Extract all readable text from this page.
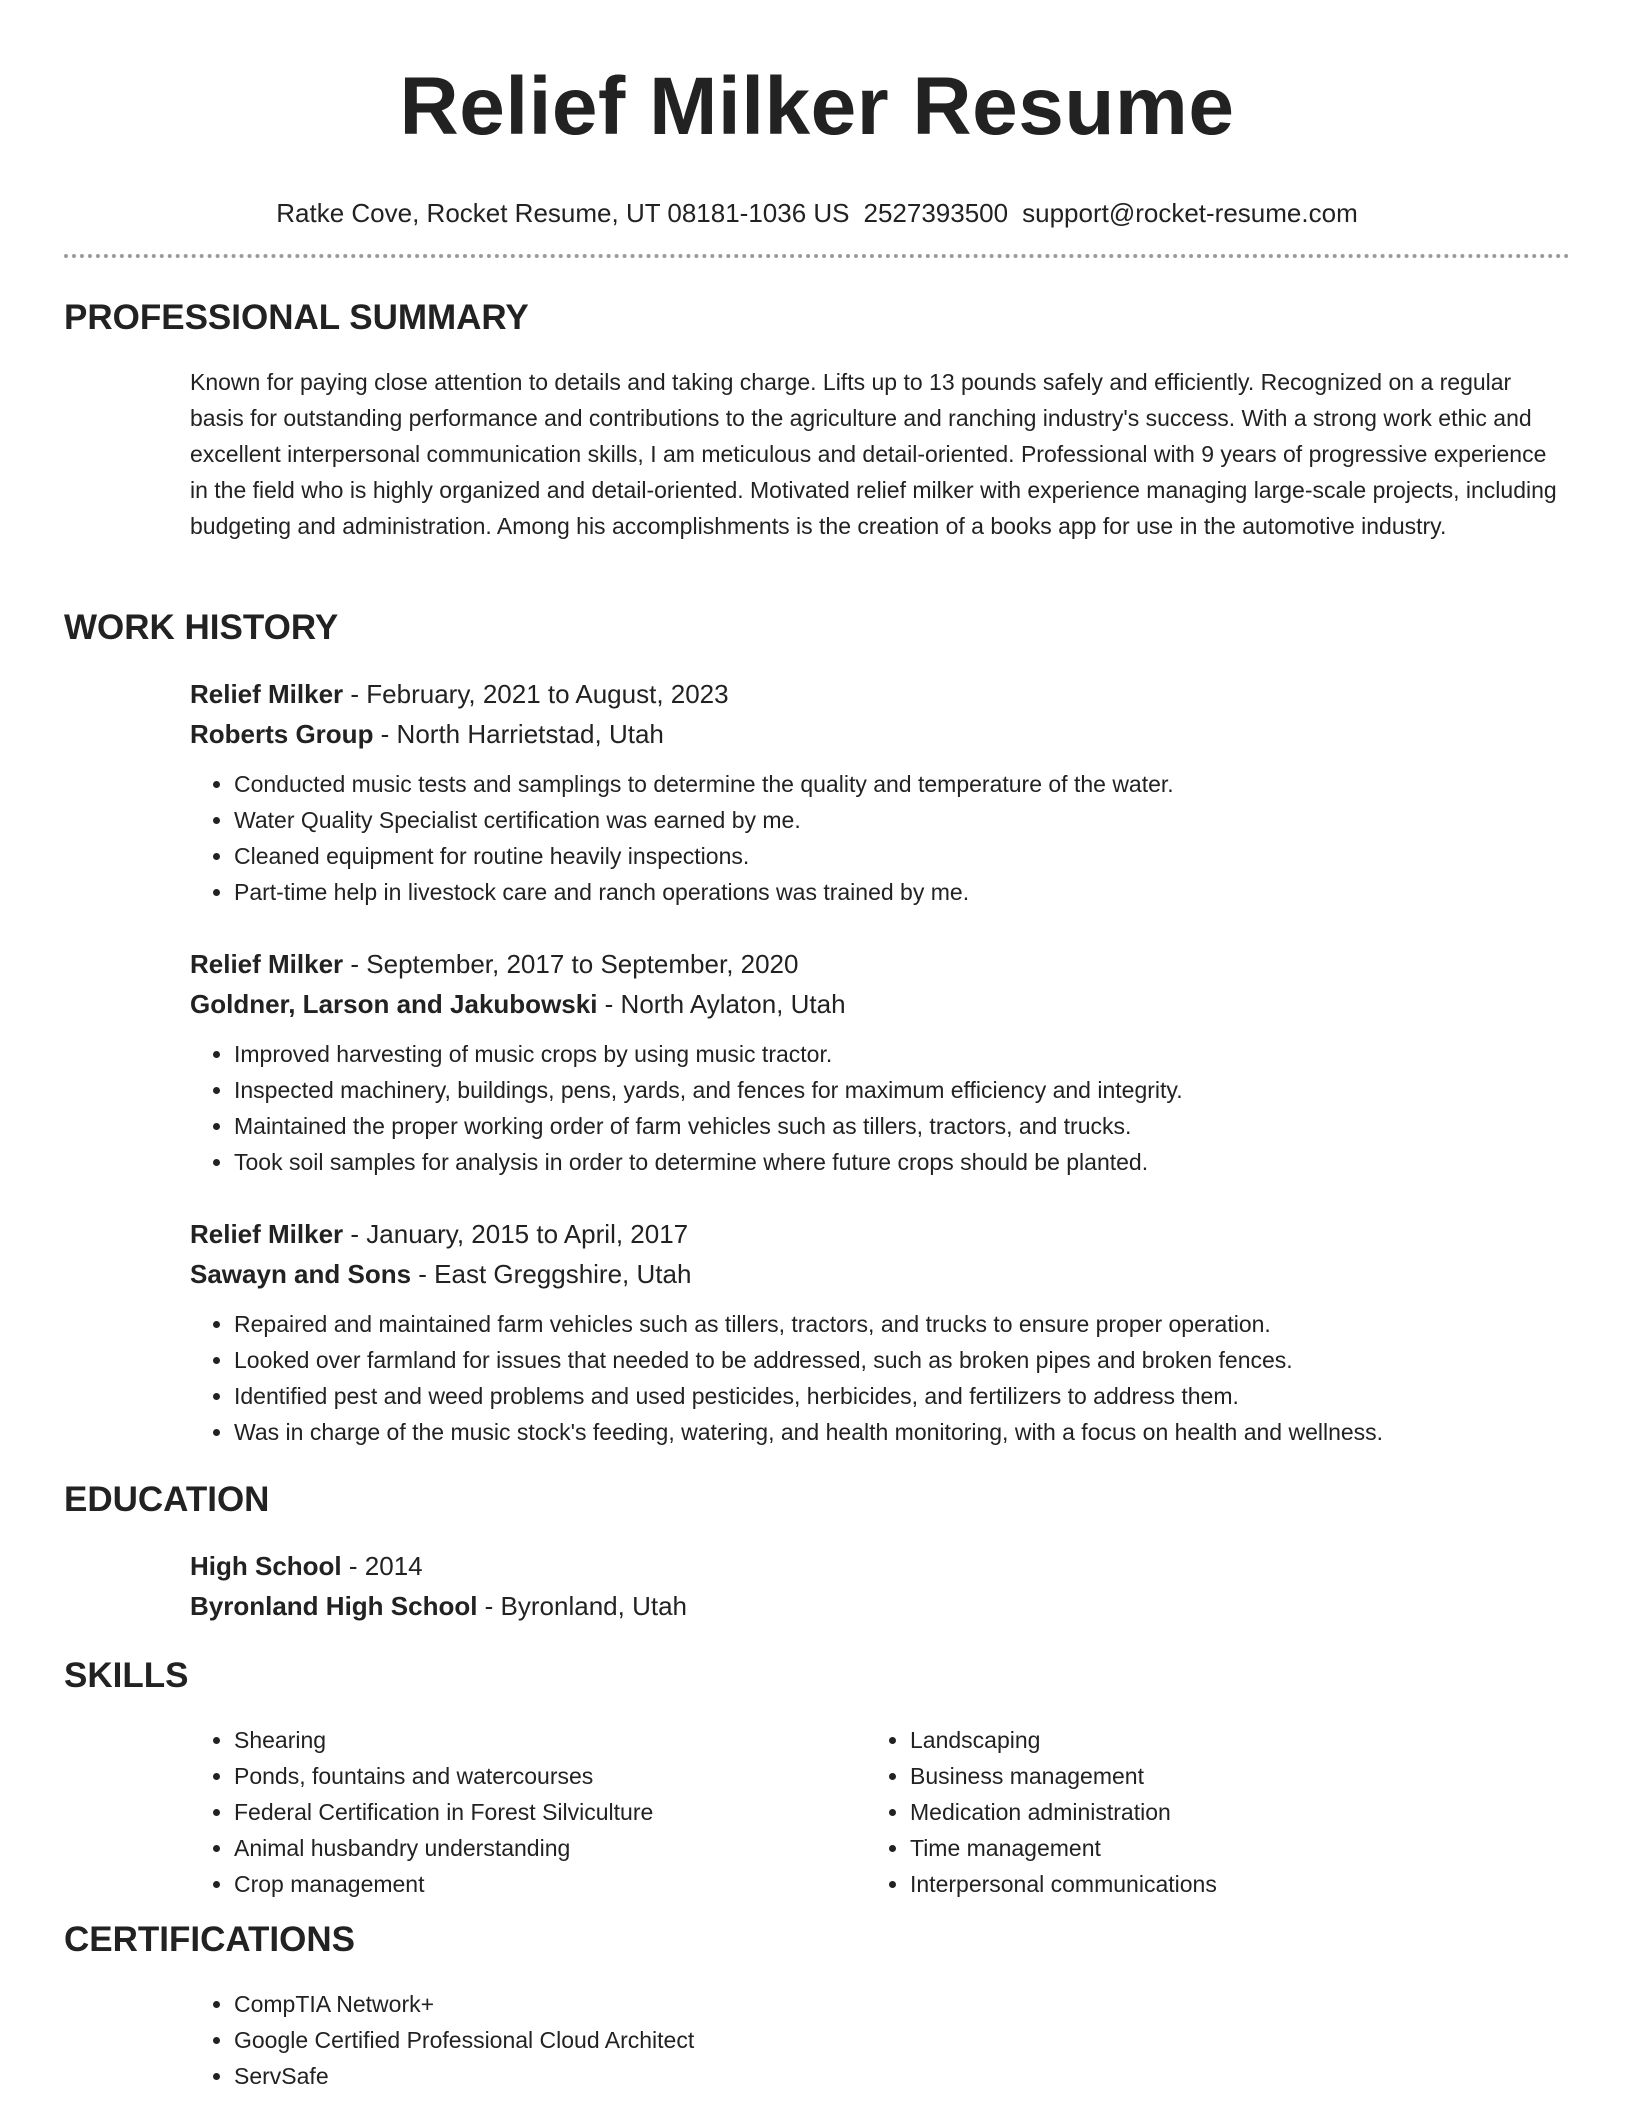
Relief Milker Resume
Ratke Cove, Rocket Resume, UT 08181-1036 US 2527393500 support@rocket-resume.com
PROFESSIONAL SUMMARY

Known for paying close attention to details and taking charge. Lifts up to 13 pounds safely and efficiently. Recognized on a regular basis for outstanding performance and contributions to the agriculture and ranching industry's success. With a strong work ethic and excellent interpersonal communication skills, I am meticulous and detail-oriented. Professional with 9 years of progressive experience in the field who is highly organized and detail-oriented. Motivated relief milker with experience managing large-scale projects, including budgeting and administration. Among his accomplishments is the creation of a books app for use in the automotive industry.

WORK HISTORY

Relief Milker - February, 2021 to August, 2023

Roberts Group - North Harrietstad, Utah

• Conducted music tests and samplings to determine the quality and temperature of the water.
• Water Quality Specialist certification was earned by me.
• Cleaned equipment for routine heavily inspections.
• Part-time help in livestock care and ranch operations was trained by me.

Relief Milker - September, 2017 to September, 2020

Goldner, Larson and Jakubowski - North Aylaton, Utah

• Improved harvesting of music crops by using music tractor.
• Inspected machinery, buildings, pens, yards, and fences for maximum efficiency and integrity.
• Maintained the proper working order of farm vehicles such as tillers, tractors, and trucks.
• Took soil samples for analysis in order to determine where future crops should be planted.

Relief Milker - January, 2015 to April, 2017

Sawayn and Sons - East Greggshire, Utah

• Repaired and maintained farm vehicles such as tillers, tractors, and trucks to ensure proper operation.
• Looked over farmland for issues that needed to be addressed, such as broken pipes and broken fences.
• Identified pest and weed problems and used pesticides, herbicides, and fertilizers to address them.
• Was in charge of the music stock's feeding, watering, and health monitoring, with a focus on health and wellness.
EDUCATION

High School - 2014

Byronland High School - Byronland, Utah

SKILLS
• Shearing
• Ponds, fountains and watercourses
• Federal Certification in Forest Silviculture
• Animal husbandry understanding
• Crop management
• Landscaping
• Business management
• Medication administration
• Time management
• Interpersonal communications
CERTIFICATIONS
• CompTIA Network+
• Google Certified Professional Cloud Architect
• ServSafe
